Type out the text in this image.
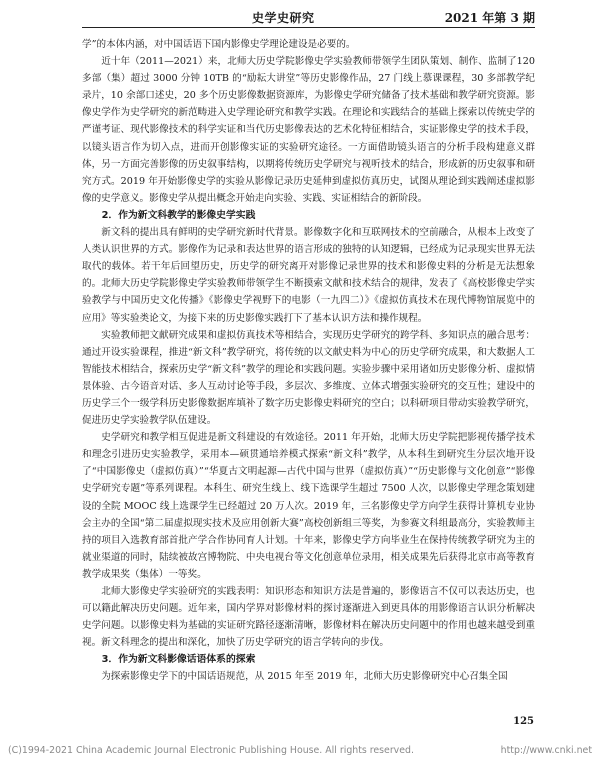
史学史研究	2021 年第 3 期

学”的本体内涵，对中国话语下国内影像史学理论建设是必要的。

近十年（2011—2021）来，北师大历史学院影像史学实验教师带领学生团队策划、制作、监制了120 多部（集）超过 3000 分钟 10TB 的“励耘大讲堂”等历史影像作品，27 门线上慕课课程，30 多部教学纪录片，10 余部口述史，20 多个历史影像数据资源库，为影像史学研究储备了技术基础和教学研究资源。影像史学作为史学研究的新范畴进入史学理论研究和教学实践。在理论和实践结合的基础上探索以传统史学的严谨考证、现代影像技术的科学实证和当代历史影像表达的艺术化特征相结合，实证影像史学的技术手段，以镜头语言作为切入点，进而开创影像实证的实验研究途径。一方面借助镜头语言的分析手段构建意义群体，另一方面完善影像的历史叙事结构，以期将传统历史学研究与视听技术的结合，形成新的历史叙事和研究方式。2019 年开始影像史学的实验从影像记录历史延伸到虚拟仿真历史，试图从理论到实践阐述虚拟影像的史学意义。影像史学从提出概念开始走向实验、实践、实证相结合的新阶段。

2．作为新文科教学的影像史学实践

新文科的提出具有鲜明的史学研究新时代背景。影像数字化和互联网技术的空前融合，从根本上改变了人类认识世界的方式。影像作为记录和表达世界的语言形成的独特的认知逻辑，已经成为记录现实世界无法取代的载体。若干年后回望历史，历史学的研究离开对影像记录世界的技术和影像史料的分析是无法想象的。北师大历史学院影像史学实验教师带领学生不断摸索文献和技术结合的规律，发表了《高校影像史学实验教学与中国历史文化传播》《影像史学视野下的电影（一九四二）》《虚拟仿真技术在现代博物馆展览中的应用》等实验类论文，为接下来的历史影像实践打下了基本认识方法和操作规程。

实验教师把文献研究成果和虚拟仿真技术等相结合，实现历史学研究的跨学科、多知识点的融合思考：通过开设实验课程，推进“新文科”教学研究，将传统的以文献史料为中心的历史学研究成果，和大数据人工智能技术相结合，探索历史学“新文科”教学的理论和实践问题。实验步骤中采用诸如历史影像分析、虚拟情景体验、古今语音对话、多人互动讨论等手段，多层次、多维度、立体式增强实验研究的交互性；建设中的历史学三个一级学科历史影像数据库填补了数字历史影像史料研究的空白；以科研项目带动实验教学研究，促进历史学实验教学队伍建设。

史学研究和教学相互促进是新文科建设的有效途径。2011 年开始，北师大历史学院把影视传播学技术和理念引进历史实验教学，采用本—硕贯通培养模式探索“新文科”教学，从本科生到研究生分层次地开设了“中国影像史（虚拟仿真）”“华夏古文明起源—古代中国与世界（虚拟仿真）”“历史影像与文化创意”“影像史学研究专题”等系列课程。本科生、研究生线上、线下选课学生超过 7500 人次，以影像史学理念策划建设的全院 MOOC 线上选课学生已经超过 20 万人次。2019 年，三名影像史学方向学生获得计算机专业协会主办的全国“第二届虚拟现实技术及应用创新大赛”高校创新组三等奖，为参赛文科组最高分，实验教师主持的项目入选教育部首批产学合作协同育人计划。十年来，影像史学方向毕业生在保持传统教学研究为主的就业渠道的同时，陆续被故宫博物院、中央电视台等文化创意单位录用，相关成果先后获得北京市高等教育教学成果奖（集体）一等奖。

北师大影像史学实验研究的实践表明：知识形态和知识方法是普遍的，影像语言不仅可以表达历史，也可以籍此解决历史问题。近年来，国内学界对影像材料的探讨逐渐进入到更具体的用影像语言认识分析解决史学问题。以影像史料为基础的实证研究路径逐渐清晰，影像材料在解决历史问题中的作用也越来越受到重视。新文科理念的提出和深化，加快了历史学研究的语言学转向的步伐。

3．作为新文科影像话语体系的探索

为探索影像史学下的中国话语规范，从 2015 年至 2019 年，北师大历史影像研究中心召集全国

125
(C)1994-2021 China Academic Journal Electronic Publishing House. All rights reserved.	http://www.cnki.net
